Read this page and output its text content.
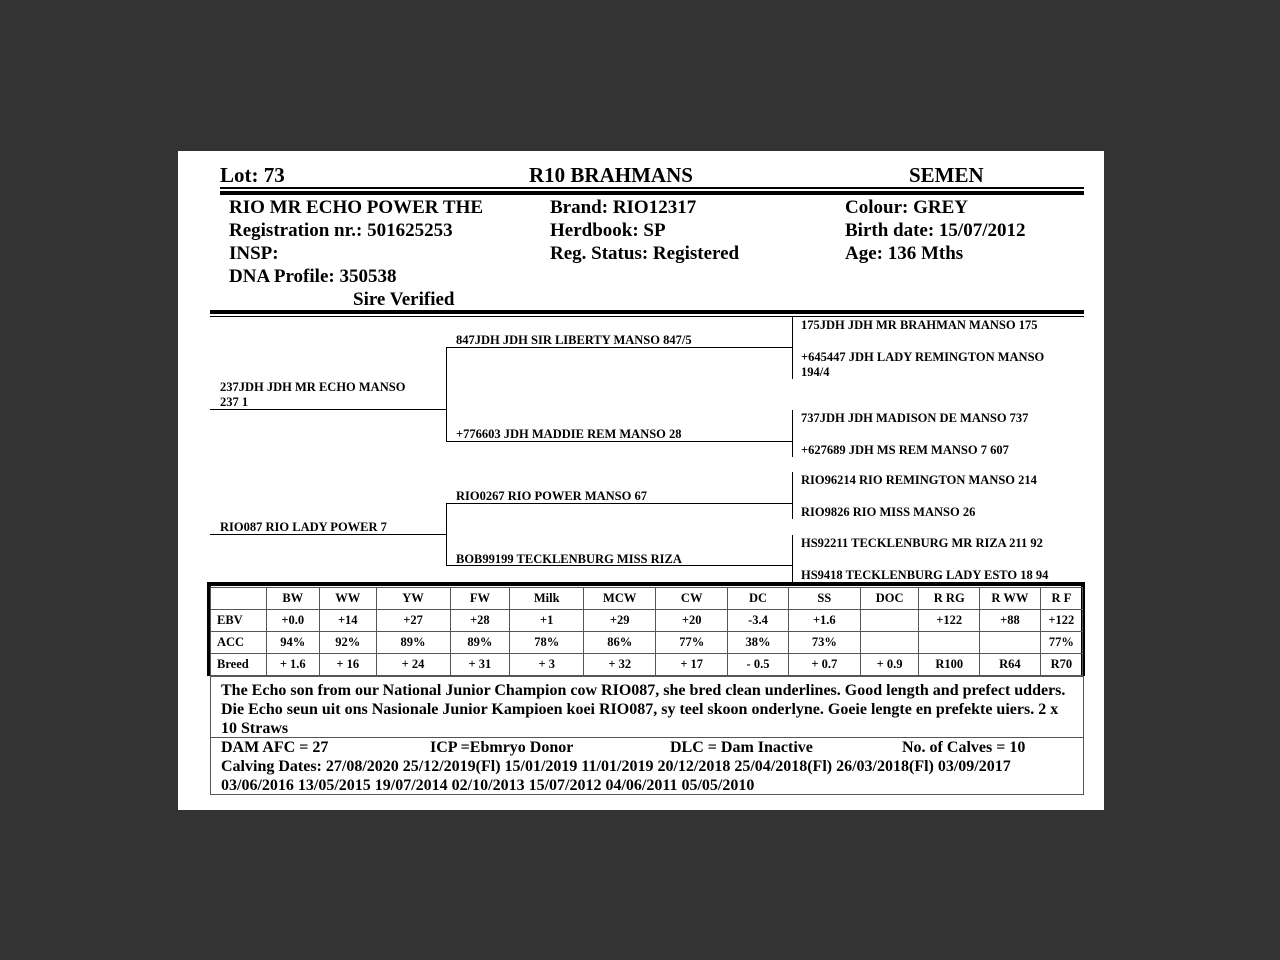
Lot: 73	R10 BRAHMANS	SEMEN
RIO MR ECHO POWER THE
Registration nr.: 501625253
INSP:
DNA Profile: 350538
Sire Verified
Brand: RIO12317
Herdbook: SP
Reg. Status: Registered
Colour: GREY
Birth date: 15/07/2012
Age: 136 Mths
237JDH JDH MR ECHO MANSO
237 1
RIO087 RIO LADY POWER 7
847JDH JDH SIR LIBERTY MANSO 847/5
+776603 JDH MADDIE REM MANSO 28
RIO0267 RIO POWER MANSO 67
BOB99199 TECKLENBURG MISS RIZA
175JDH JDH MR BRAHMAN MANSO 175
+645447 JDH LADY REMINGTON MANSO
194/4
737JDH JDH MADISON DE MANSO 737
+627689 JDH MS REM MANSO 7 607
RIO96214 RIO REMINGTON MANSO 214
RIO9826 RIO MISS MANSO 26
HS92211 TECKLENBURG MR RIZA 211 92
HS9418 TECKLENBURG LADY ESTO 18 94
	BW	WW	YW	FW	Milk	MCW	CW	DC	SS	DOC	R RG	R WW	R F
EBV	+0.0	+14	+27	+28	+1	+29	+20	-3.4	+1.6		+122	+88	+122
ACC	94%	92%	89%	89%	78%	86%	77%	38%	73%				77%
Breed	+ 1.6	+ 16	+ 24	+ 31	+ 3	+ 32	+ 17	- 0.5	+ 0.7	+ 0.9	R100	R64	R70
The Echo son from our National Junior Champion cow RIO087, she bred clean underlines. Good length and prefect udders. Die Echo seun uit ons Nasionale Junior Kampioen koei RIO087, sy teel skoon onderlyne. Goeie lengte en prefekte uiers. 2 x 10 Straws
DAM AFC = 27	ICP =Ebmryo Donor	DLC = Dam Inactive	No. of Calves = 10
Calving Dates: 27/08/2020 25/12/2019(Fl) 15/01/2019 11/01/2019 20/12/2018 25/04/2018(Fl) 26/03/2018(Fl) 03/09/2017
03/06/2016 13/05/2015 19/07/2014 02/10/2013 15/07/2012 04/06/2011 05/05/2010
